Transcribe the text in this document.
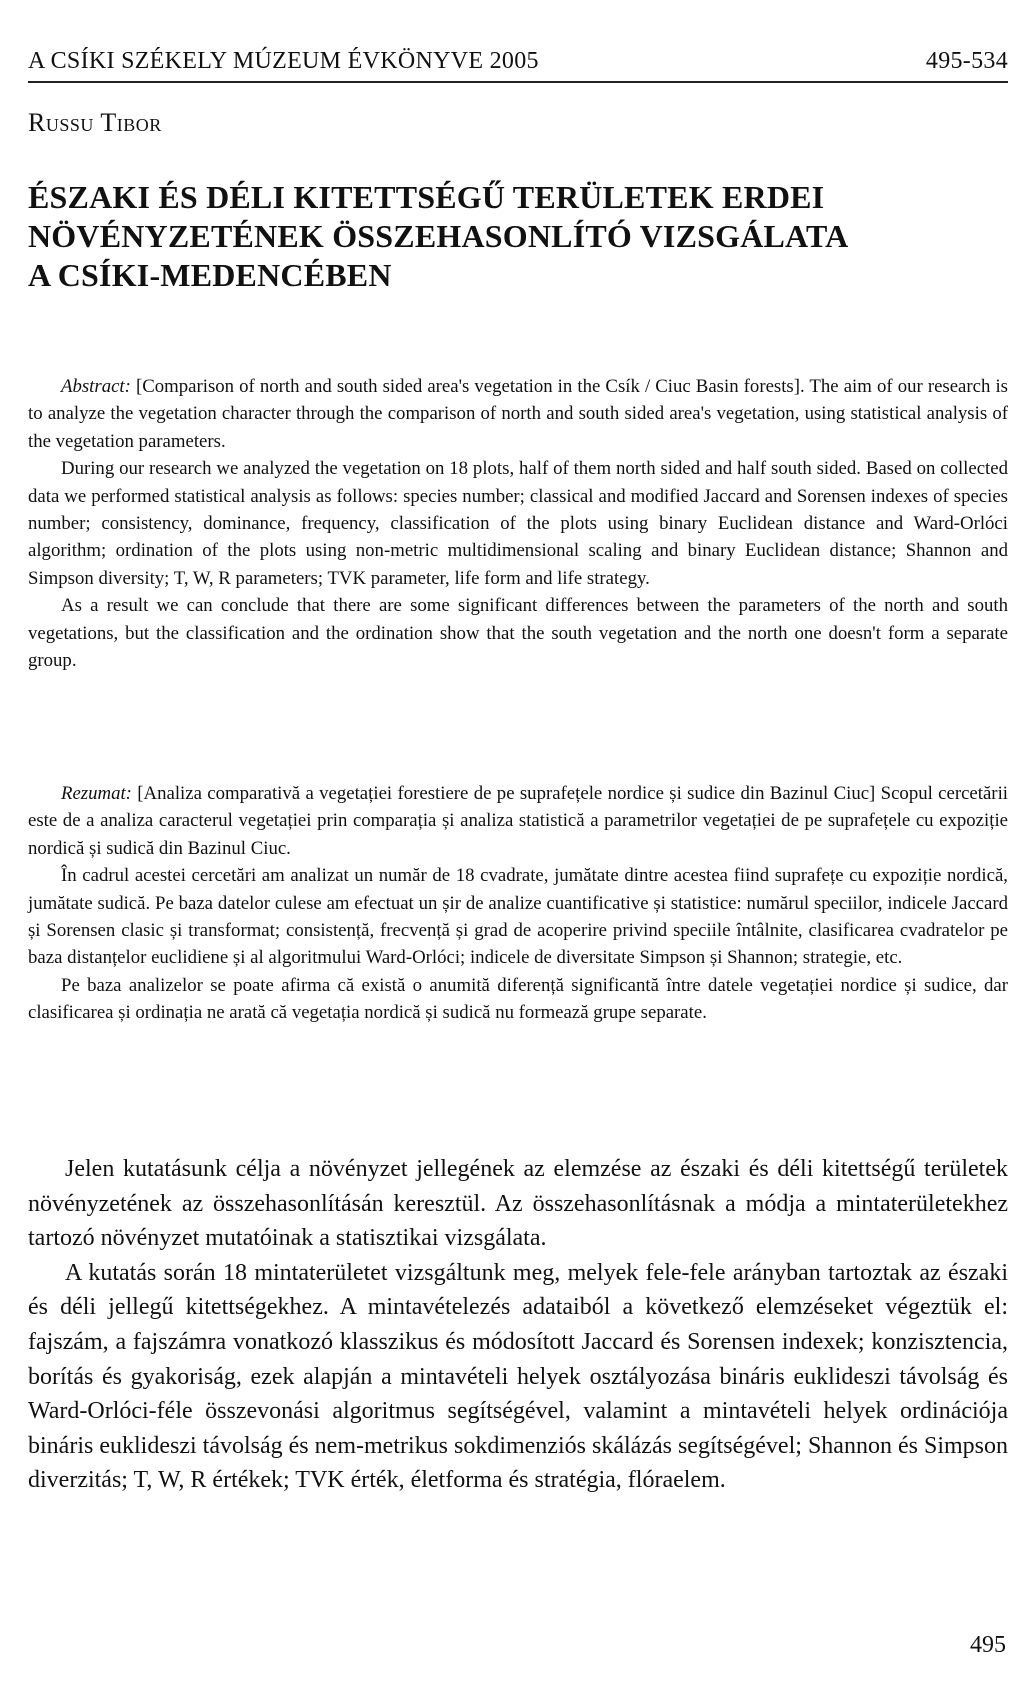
A CSÍKI SZÉKELY MÚZEUM ÉVKÖNYVE 2005	495-534
Russu Tibor
ÉSZAKI ÉS DÉLI KITETTSÉGŰ TERÜLETEK ERDEI
NÖVÉNYZETÉNEK ÖSSZEHASONLÍTÓ VIZSGÁLATA
A CSÍKI-MEDENCÉBEN

Abstract: [Comparison of north and south sided area's vegetation in the Csík / Ciuc Basin forests]. The aim of our research is to analyze the vegetation character through the comparison of north and south sided area's vegetation, using statistical analysis of the vegetation parameters.

During our research we analyzed the vegetation on 18 plots, half of them north sided and half south sided. Based on collected data we performed statistical analysis as follows: species number; classical and modified Jaccard and Sorensen indexes of species number; consistency, dominance, frequency, classification of the plots using binary Euclidean distance and Ward-Orlóci algorithm; ordination of the plots using non-metric multidimensional scaling and binary Euclidean distance; Shannon and Simpson diversity; T, W, R parameters; TVK parameter, life form and life strategy.

As a result we can conclude that there are some significant differences between the parameters of the north and south vegetations, but the classification and the ordination show that the south vegetation and the north one doesn't form a separate group.

Rezumat: [Analiza comparativă a vegetației forestiere de pe suprafețele nordice și sudice din Bazinul Ciuc] Scopul cercetării este de a analiza caracterul vegetației prin comparația și analiza statistică a parametrilor vegetației de pe suprafețele cu expoziție nordică și sudică din Bazinul Ciuc.

În cadrul acestei cercetări am analizat un număr de 18 cvadrate, jumătate dintre acestea fiind suprafețe cu expoziție nordică, jumătate sudică. Pe baza datelor culese am efectuat un șir de analize cuantificative și statistice: numărul speciilor, indicele Jaccard și Sorensen clasic și transformat; consistență, frecvență și grad de acoperire privind speciile întâlnite, clasificarea cvadratelor pe baza distanțelor euclidiene și al algoritmului Ward-Orlóci; indicele de diversitate Simpson și Shannon; strategie, etc.

Pe baza analizelor se poate afirma că există o anumită diferență significantă între datele vegetației nordice și sudice, dar clasificarea și ordinația ne arată că vegetația nordică și sudică nu formează grupe separate.

Jelen kutatásunk célja a növényzet jellegének az elemzése az északi és déli kitettségű területek növényzetének az összehasonlításán keresztül. Az összehasonlításnak a módja a mintaterületekhez tartozó növényzet mutatóinak a statisztikai vizsgálata.

A kutatás során 18 mintaterületet vizsgáltunk meg, melyek fele-fele arányban tartoztak az északi és déli jellegű kitettségekhez. A mintavételezés adataiból a következő elemzéseket végeztük el: fajszám, a fajszámra vonatkozó klasszikus és módosított Jaccard és Sorensen indexek; konzisztencia, borítás és gyakoriság, ezek alapján a mintavételi helyek osztályozása bináris euklideszi távolság és Ward-Orlóci-féle összevonási algoritmus segítségével, valamint a mintavételi helyek ordinációja bináris euklideszi távolság és nem-metrikus sokdimenziós skálázás segítségével; Shannon és Simpson diverzitás; T, W, R értékek; TVK érték, életforma és stratégia, flóraelem.

495
